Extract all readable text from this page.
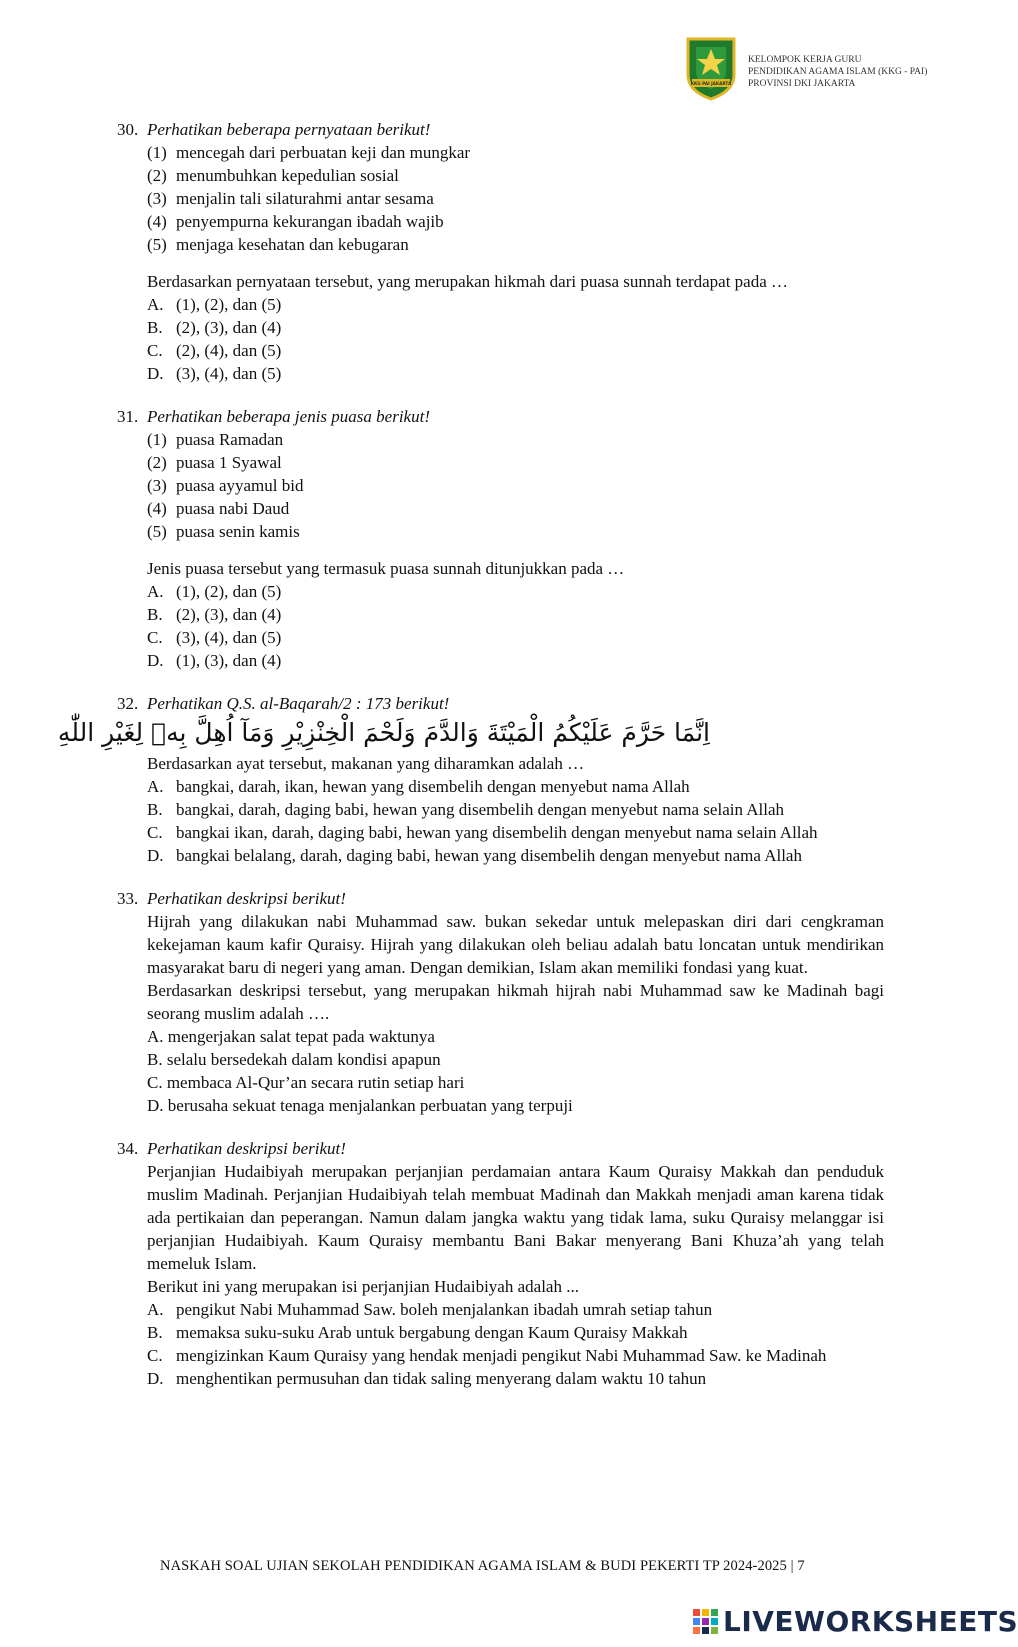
KKG PAI JAKARTA
KELOMPOK KERJA GURU
PENDIDIKAN AGAMA ISLAM (KKG - PAI)
PROVINSI DKI JAKARTA
30. Perhatikan beberapa pernyataan berikut!
(1) mencegah dari perbuatan keji dan mungkar
(2) menumbuhkan kepedulian sosial
(3) menjalin tali silaturahmi antar sesama
(4) penyempurna kekurangan ibadah wajib
(5) menjaga kesehatan dan kebugaran
Berdasarkan pernyataan tersebut, yang merupakan hikmah dari puasa sunnah terdapat pada …
A. (1), (2), dan (5)
B. (2), (3), dan (4)
C. (2), (4), dan (5)
D. (3), (4), dan (5)
31. Perhatikan beberapa jenis puasa berikut!
(1) puasa Ramadan
(2) puasa 1 Syawal
(3) puasa ayyamul bid
(4) puasa nabi Daud
(5) puasa senin kamis
Jenis puasa tersebut yang termasuk puasa sunnah ditunjukkan pada …
A. (1), (2), dan (5)
B. (2), (3), dan (4)
C. (3), (4), dan (5)
D. (1), (3), dan (4)
32. Perhatikan Q.S. al-Baqarah/2 : 173 berikut!
اِنَّمَا حَرَّمَ عَلَيْكُمُ الْمَيْتَةَ وَالدَّمَ وَلَحْمَ الْخِنْزِيْرِ وَمَآ اُهِلَّ بِهٖ لِغَيْرِ اللّٰهِ
Berdasarkan ayat tersebut, makanan yang diharamkan adalah …
A. bangkai, darah, ikan, hewan yang disembelih dengan menyebut nama Allah
B. bangkai, darah, daging babi, hewan yang disembelih dengan menyebut nama selain Allah
C. bangkai ikan, darah, daging babi, hewan yang disembelih dengan menyebut nama selain Allah
D. bangkai belalang, darah, daging babi, hewan yang disembelih dengan menyebut nama Allah
33. Perhatikan deskripsi berikut!
Hijrah yang dilakukan nabi Muhammad saw. bukan sekedar untuk melepaskan diri dari cengkraman kekejaman kaum kafir Quraisy. Hijrah yang dilakukan oleh beliau adalah batu loncatan untuk mendirikan masyarakat baru di negeri yang aman. Dengan demikian, Islam akan memiliki fondasi yang kuat.
Berdasarkan deskripsi tersebut, yang merupakan hikmah hijrah nabi Muhammad saw ke Madinah bagi seorang muslim adalah ….
A. mengerjakan salat tepat pada waktunya
B. selalu bersedekah dalam kondisi apapun
C. membaca Al-Qur’an secara rutin setiap hari
D. berusaha sekuat tenaga menjalankan perbuatan yang terpuji
34. Perhatikan deskripsi berikut!
Perjanjian Hudaibiyah merupakan perjanjian perdamaian antara Kaum Quraisy Makkah dan penduduk muslim Madinah. Perjanjian Hudaibiyah telah membuat Madinah dan Makkah menjadi aman karena tidak ada pertikaian dan peperangan. Namun dalam jangka waktu yang tidak lama, suku Quraisy melanggar isi perjanjian Hudaibiyah. Kaum Quraisy membantu Bani Bakar menyerang Bani Khuza’ah yang telah memeluk Islam.
Berikut ini yang merupakan isi perjanjian Hudaibiyah adalah ...
A. pengikut Nabi Muhammad Saw. boleh menjalankan ibadah umrah setiap tahun
B. memaksa suku-suku Arab untuk bergabung dengan Kaum Quraisy Makkah
C. mengizinkan Kaum Quraisy yang hendak menjadi pengikut Nabi Muhammad Saw. ke Madinah
D. menghentikan permusuhan dan tidak saling menyerang dalam waktu 10 tahun
NASKAH SOAL UJIAN SEKOLAH PENDIDIKAN AGAMA ISLAM & BUDI PEKERTI TP 2024-2025 | 7
LIVEWORKSHEETS
